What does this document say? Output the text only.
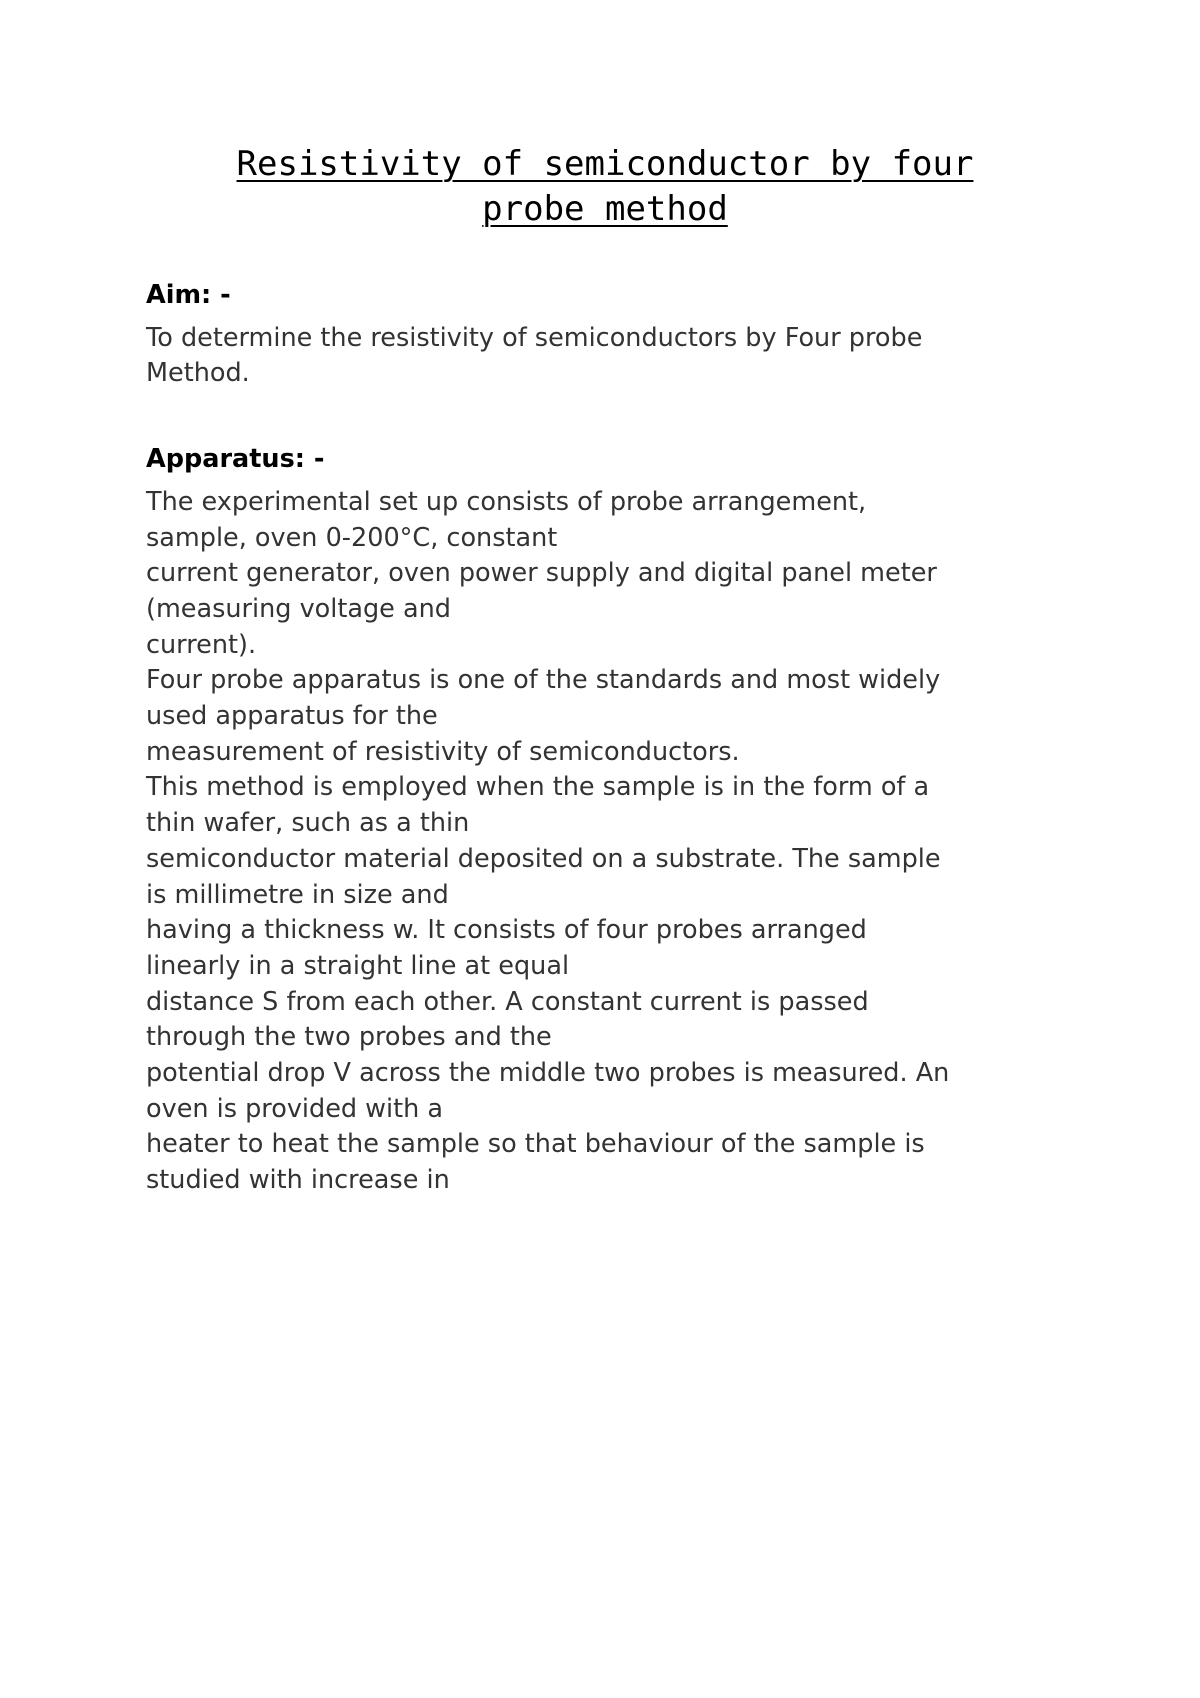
Resistivity of semiconductor by four
probe method
Aim: -
To determine the resistivity of semiconductors by Four probe
Method.
Apparatus: -
The experimental set up consists of probe arrangement,
sample, oven 0-200°C, constant
current generator, oven power supply and digital panel meter
(measuring voltage and
current).
Four probe apparatus is one of the standards and most widely
used apparatus for the
measurement of resistivity of semiconductors.
This method is employed when the sample is in the form of a
thin wafer, such as a thin
semiconductor material deposited on a substrate. The sample
is millimetre in size and
having a thickness w. It consists of four probes arranged
linearly in a straight line at equal
distance S from each other. A constant current is passed
through the two probes and the
potential drop V across the middle two probes is measured. An
oven is provided with a
heater to heat the sample so that behaviour of the sample is
studied with increase in
